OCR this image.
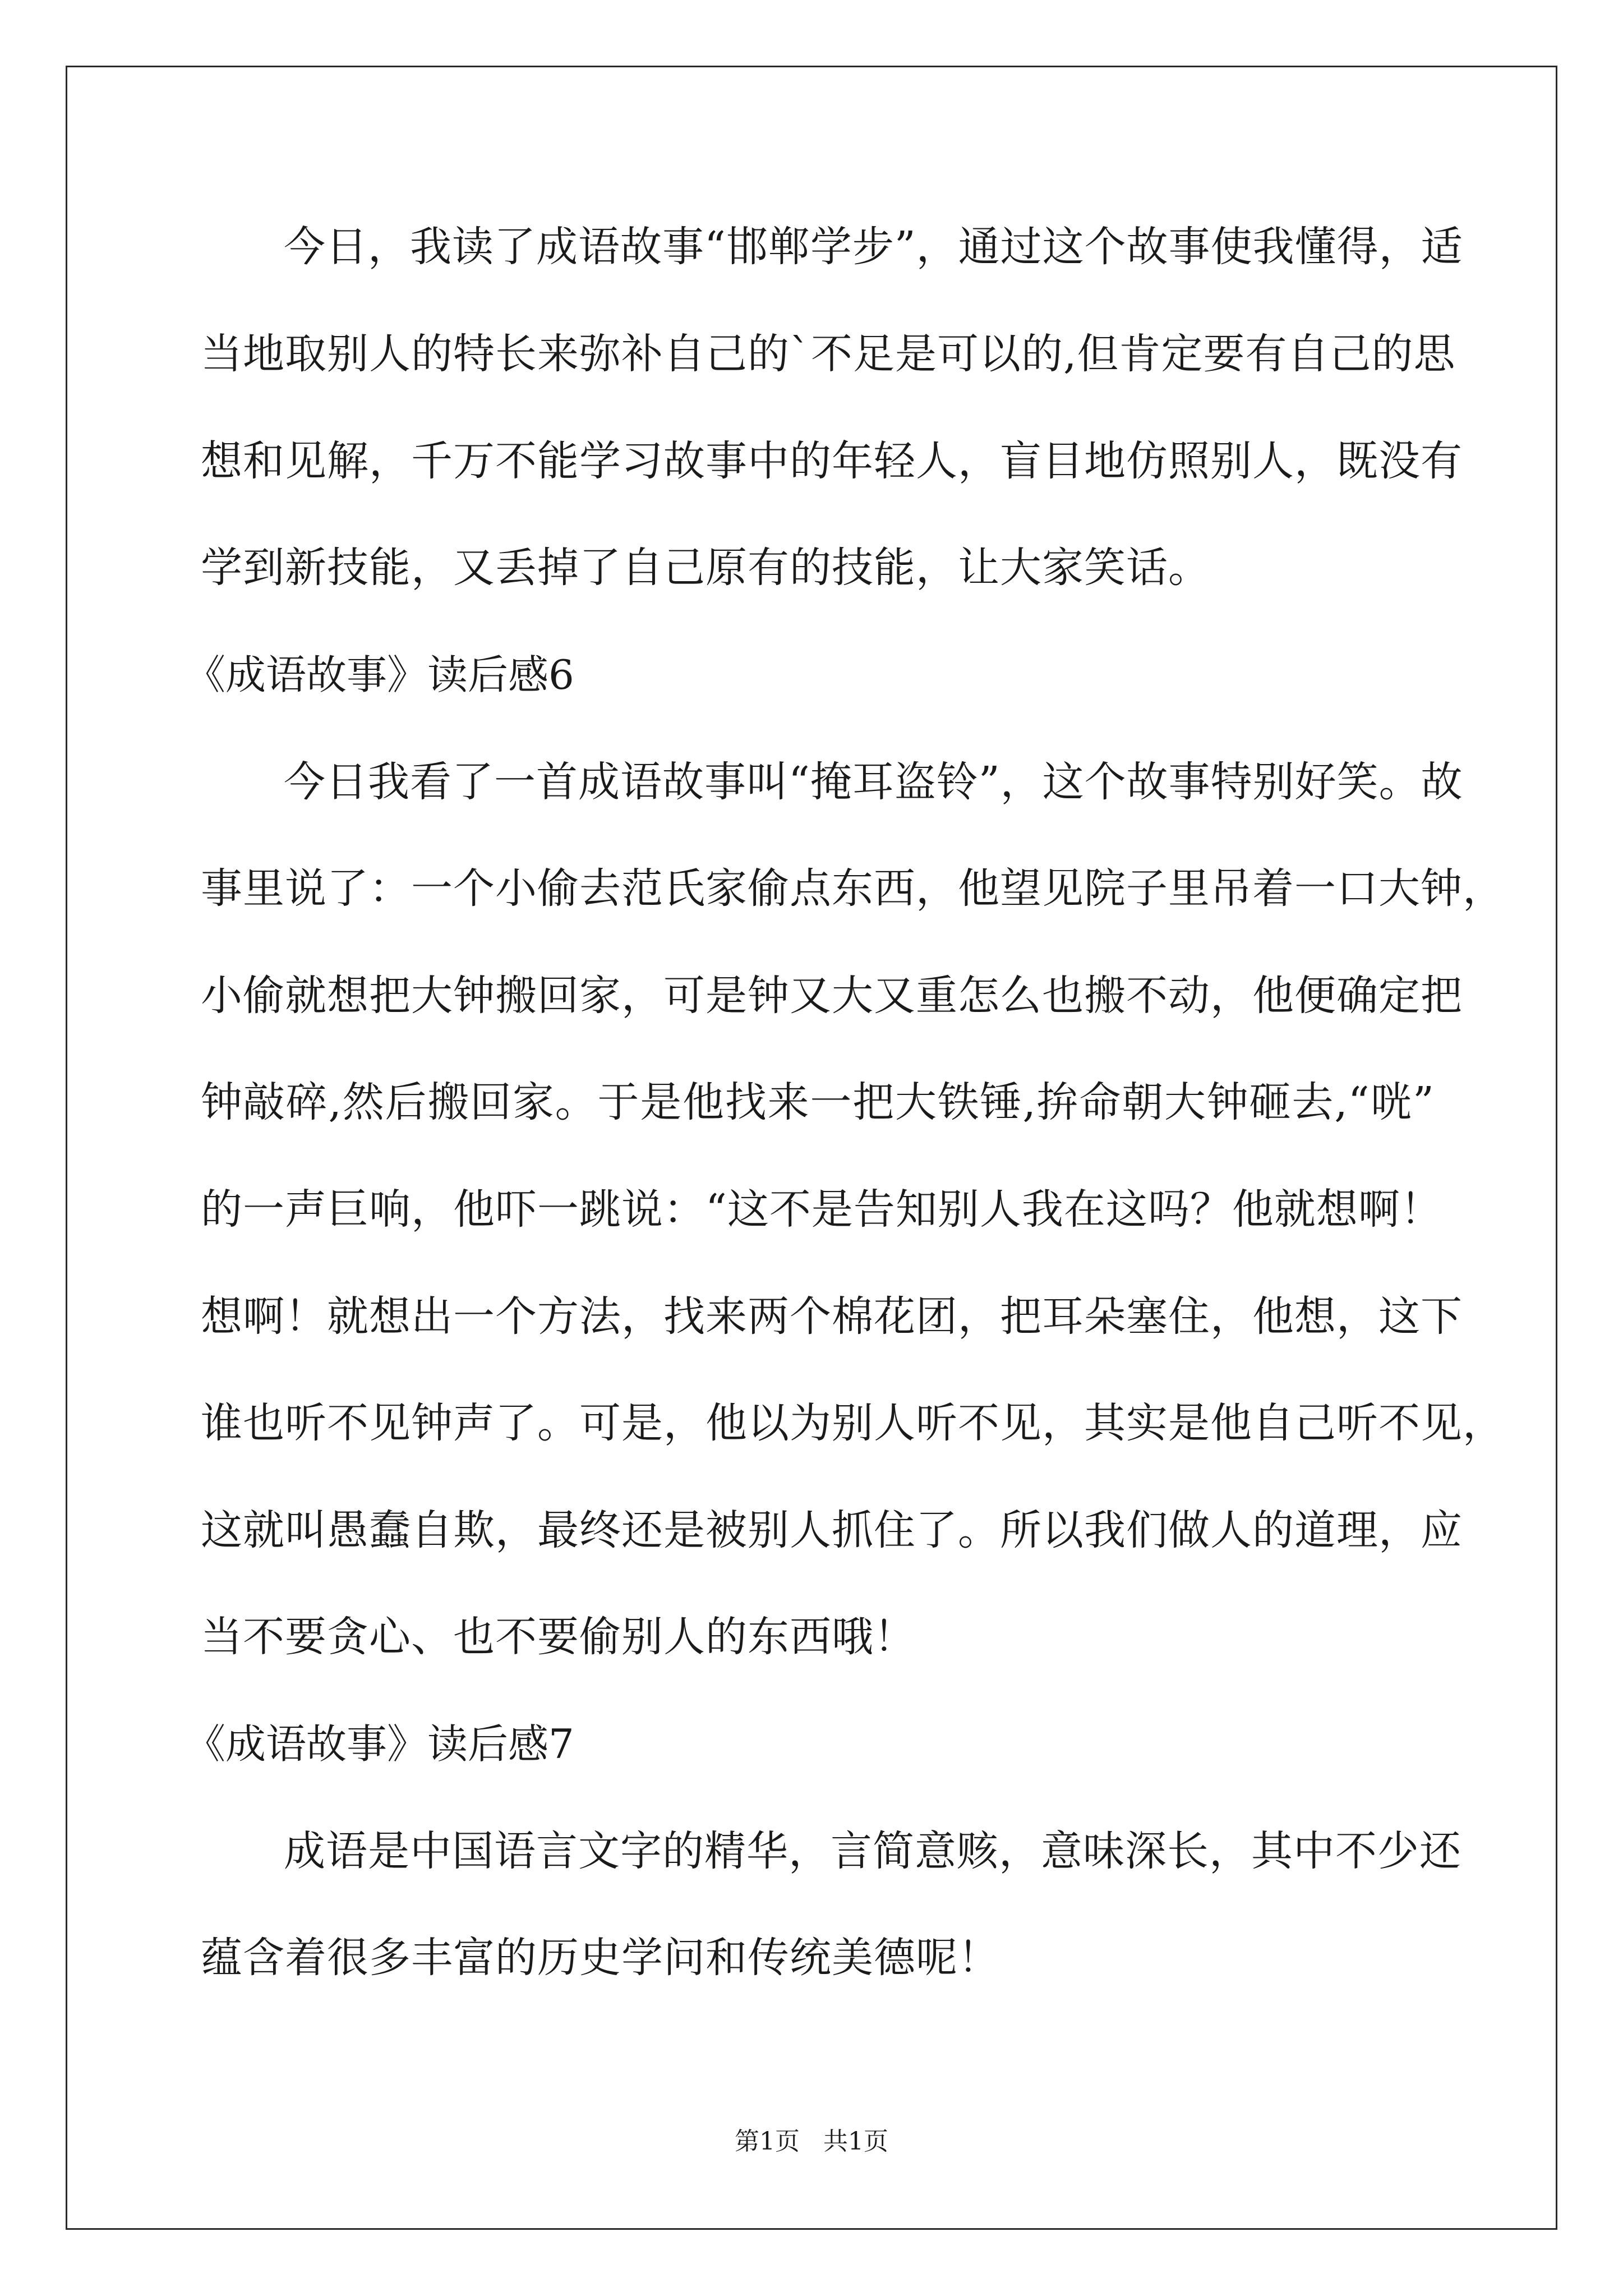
今日，我读了成语故事“邯郸学步”，通过这个故事使我懂得，适
当地取别人的特长来弥补自己的`不足是可以的,但肯定要有自己的思
想和见解，千万不能学习故事中的年轻人，盲目地仿照别人，既没有
学到新技能，又丢掉了自己原有的技能，让大家笑话。
《成语故事》读后感6
今日我看了一首成语故事叫“掩耳盗铃”，这个故事特别好笑。故
事里说了：一个小偷去范氏家偷点东西，他望见院子里吊着一口大钟，
小偷就想把大钟搬回家，可是钟又大又重怎么也搬不动，他便确定把
钟敲碎,然后搬回家。于是他找来一把大铁锤,拚命朝大钟砸去,“咣”
的一声巨响，他吓一跳说：“这不是告知别人我在这吗？他就想啊！
想啊！就想出一个方法，找来两个棉花团，把耳朵塞住，他想，这下
谁也听不见钟声了。可是，他以为别人听不见，其实是他自己听不见，
这就叫愚蠢自欺，最终还是被别人抓住了。所以我们做人的道理，应
当不要贪心、也不要偷别人的东西哦！
《成语故事》读后感7
成语是中国语言文字的精华，言简意赅，意味深长，其中不少还
蕴含着很多丰富的历史学问和传统美德呢！
第1页   共1页
